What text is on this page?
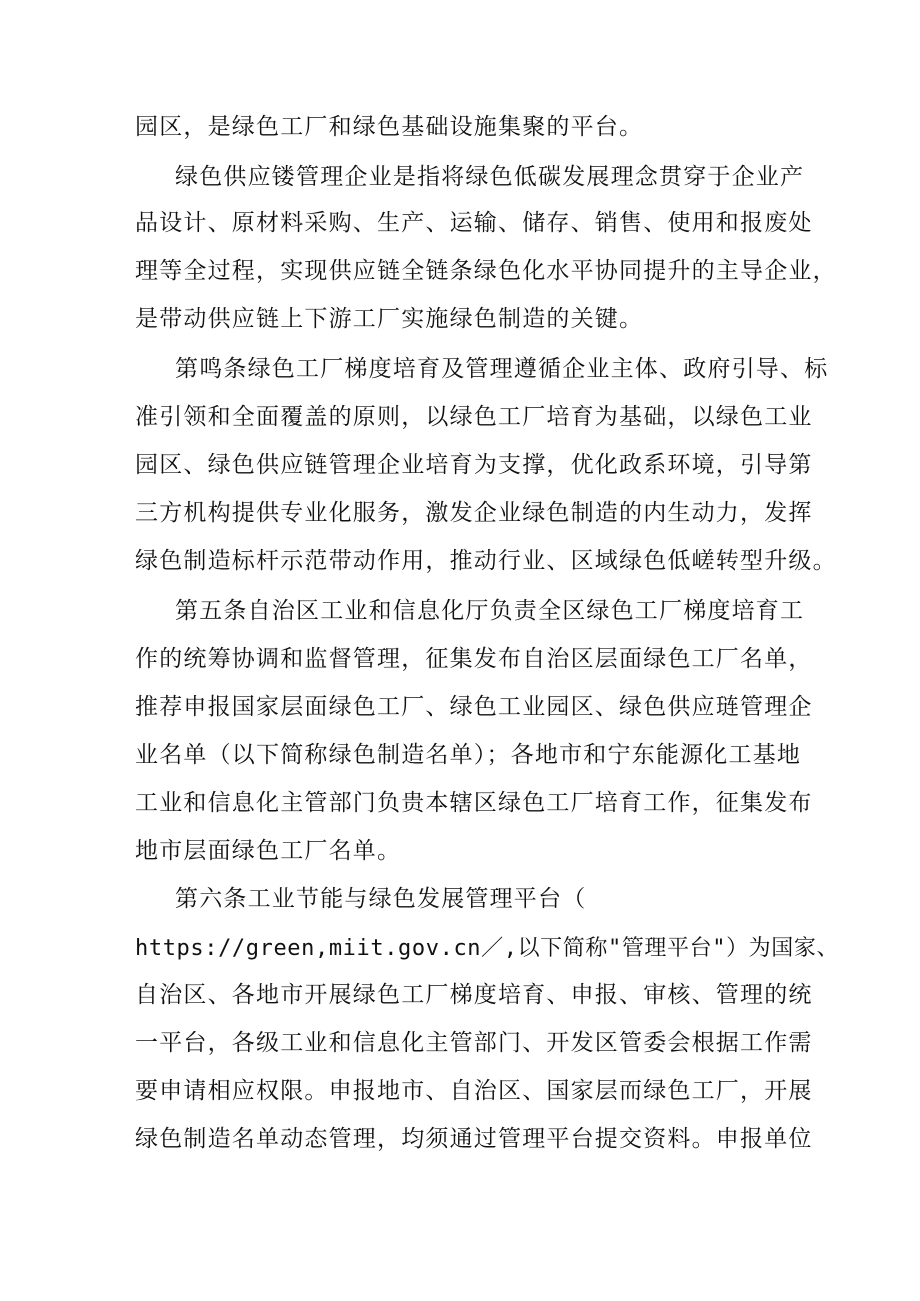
园区，是绿色工厂和绿色基础设施集聚的平台。
绿色供应镂管理企业是指将绿色低碳发展理念贯穿于企业产
品设计、原材料采购、生产、运输、储存、销售、使用和报废处
理等全过程，实现供应链全链条绿色化水平协同提升的主导企业，
是带动供应链上下游工厂实施绿色制造的关键。
第鸣条绿色工厂梯度培育及管理遵循企业主体、政府引导、标
准引领和全面覆盖的原则，以绿色工厂培育为基础，以绿色工业
园区、绿色供应链管理企业培育为支撑，优化政系环境，引导第
三方机构提供专业化服务，激发企业绿色制造的内生动力，发挥
绿色制造标杆示范带动作用，推动行业、区域绿色低嵯转型升级。
第五条自治区工业和信息化厅负责全区绿色工厂梯度培育工
作的统筹协调和监督管理，征集发布自治区层面绿色工厂名单，
推荐申报国家层面绿色工厂、绿色工业园区、绿色供应琏管理企
业名单（以下简称绿色制造名单）；各地市和宁东能源化工基地
工业和信息化主管部门负贵本辖区绿色工厂培育工作，征集发布
地市层面绿色工厂名单。
第六条工业节能与绿色发展管理平台（
https://green,miit.gov.cn／,以下简称"管理平台"）为国家、
自治区、各地市开展绿色工厂梯度培育、申报、审核、管理的统
一平台，各级工业和信息化主管部门、开发区管委会根据工作需
要申请相应权限。申报地市、自治区、国家层而绿色工厂，开展
绿色制造名单动态管理，均须通过管理平台提交资料。申报单位
